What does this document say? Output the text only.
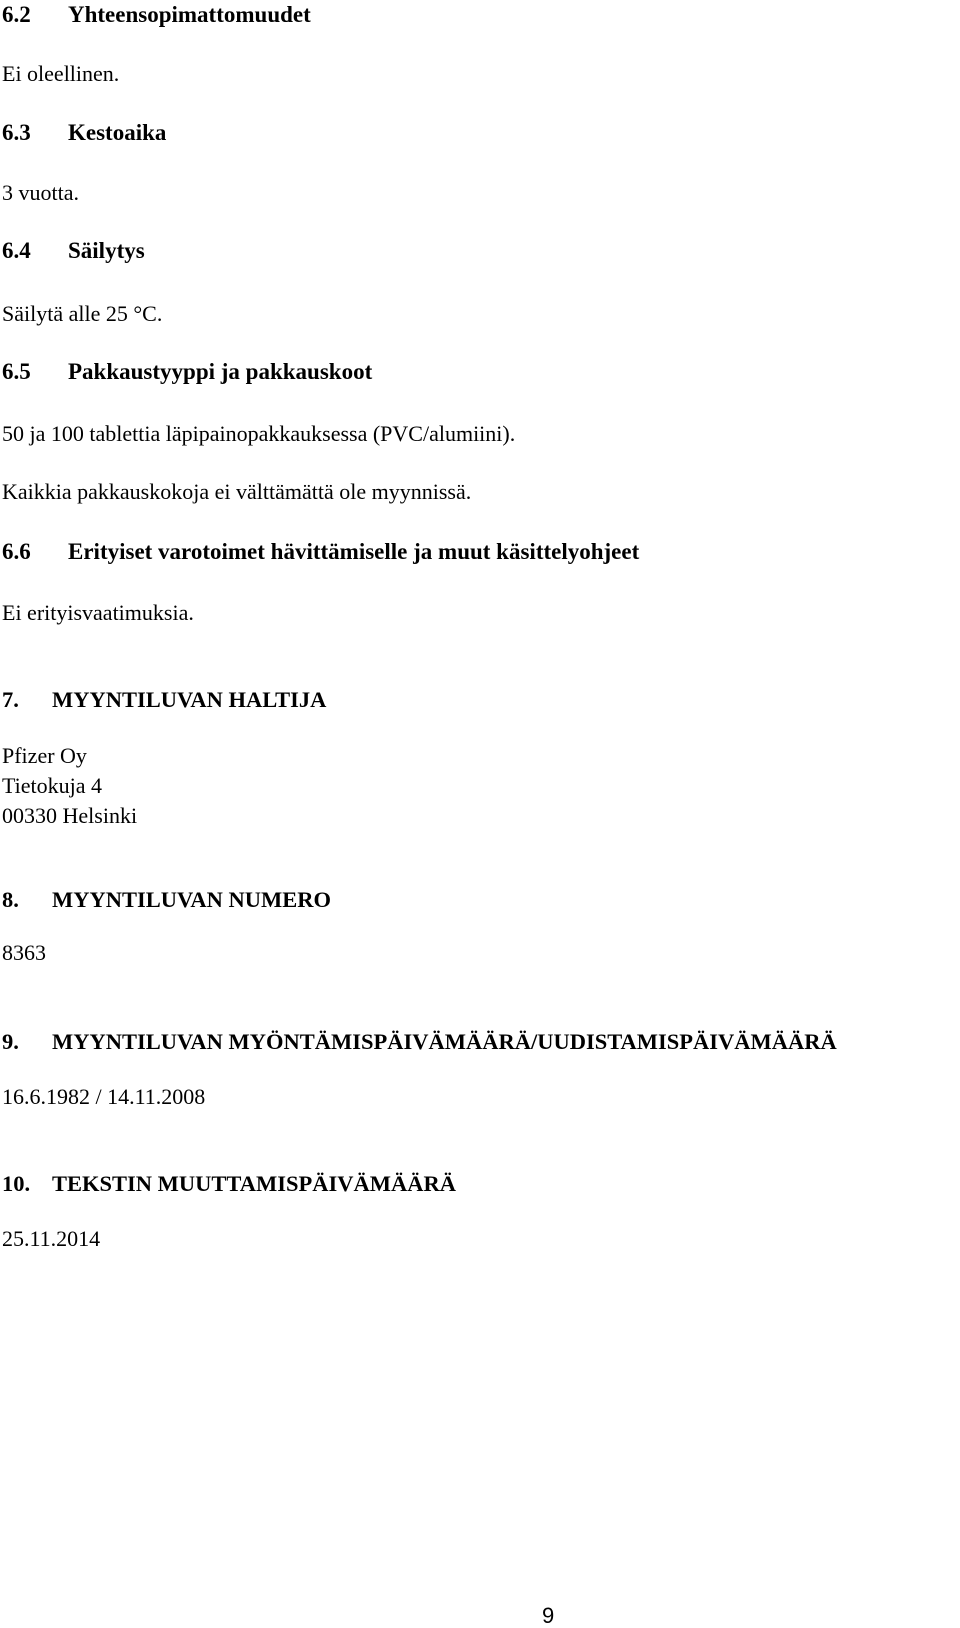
6.2 Yhteensopimattomuudet
Ei oleellinen.
6.3 Kestoaika
3 vuotta.
6.4 Säilytys
Säilytä alle 25 °C.
6.5 Pakkaustyyppi ja pakkauskoot
50 ja 100 tablettia läpipainopakkauksessa (PVC/alumiini).
Kaikkia pakkauskokoja ei välttämättä ole myynnissä.
6.6 Erityiset varotoimet hävittämiselle ja muut käsittelyohjeet
Ei erityisvaatimuksia.
7. MYYNTILUVAN HALTIJA
Pfizer Oy
Tietokuja 4
00330 Helsinki
8. MYYNTILUVAN NUMERO
8363
9. MYYNTILUVAN MYÖNTÄMISPÄIVÄMÄÄRÄ/UUDISTAMISPÄIVÄMÄÄRÄ
16.6.1982 / 14.11.2008
10. TEKSTIN MUUTTAMISPÄIVÄMÄÄRÄ
25.11.2014
9
